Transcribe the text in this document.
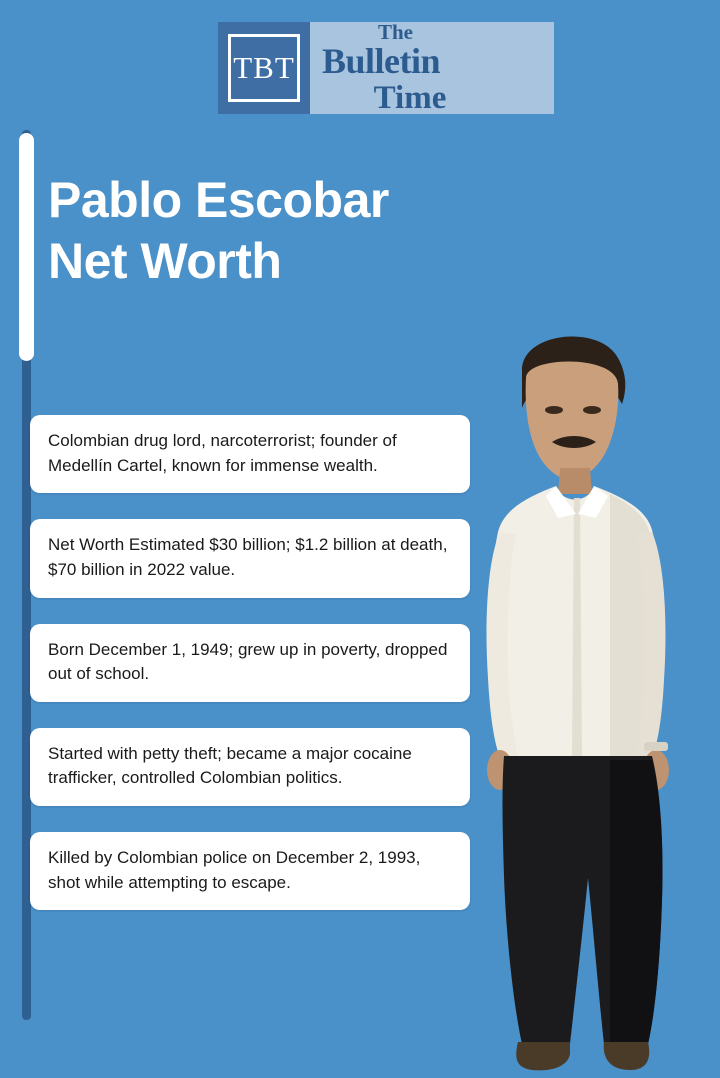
TBT
The
Bulletin
Time
Pablo Escobar Net Worth
Colombian drug lord, narcoterrorist; founder of Medellín Cartel, known for immense wealth.
Net Worth Estimated $30 billion; $1.2 billion at death, $70 billion in 2022 value.
Born December 1, 1949; grew up in poverty, dropped out of school.
Started with petty theft; became a major cocaine trafficker, controlled Colombian politics.
Killed by Colombian police on December 2, 1993, shot while attempting to escape.
